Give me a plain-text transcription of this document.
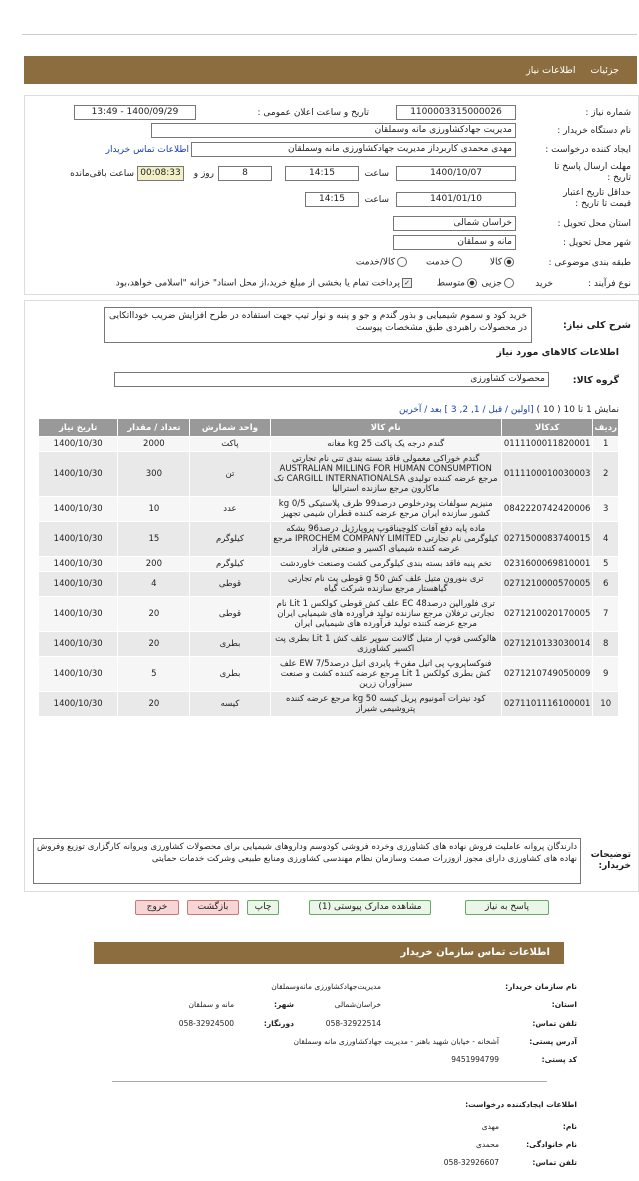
جزئیات اطلاعات نیاز
شماره نیاز :
1100003315000026
تاریخ و ساعت اعلان عمومی :
1400/09/29 - 13:49
نام دستگاه خریدار :
مدیریت جهادکشاورزی مانه وسملقان
ایجاد کننده درخواست :
مهدی محمدی کاربرداز مدیریت جهادکشاورزی مانه وسملقان
اطلاعات تماس خریدار
مهلت ارسال پاسخ تا تاریخ :
1400/10/07
ساعت
14:15
8
روز و
00:08:33
ساعت باقی‌مانده
حداقل تاریخ اعتبار قیمت تا تاریخ :
1401/01/10
ساعت
14:15
استان محل تحویل :
خراسان شمالی
شهر محل تحویل :
مانه و سملقان
طبقه بندی موضوعی :
کالا
خدمت
کالا/خدمت
نوع فرآیند :
خرید
جزیی
متوسط
✓پرداخت تمام یا بخشی از مبلغ خرید،از محل اسناد" خزانه "اسلامی خواهد،بود
شرح کلی نیاز:
خرید کود و سموم شیمیایی و بذور گندم و جو و پنبه و نوار تیپ جهت استفاده در طرح افزایش ضریب خودااتکایی در محصولات راهبردی طبق مشخصات پیوست
اطلاعات کالاهای مورد نیاز
گروه کالا:
محصولات کشاورزی
نمایش 1 تا 10 ( 10 ) [اولین / قبل / 1, 2, 3 ] بعد / آخرین
ردیف	کدکالا	نام کالا	واحد شمارش	تعداد / مقدار	تاریخ نیاز
1	0111100011820001	گندم درجه یک پاکت kg 25 مغانه	پاکت	2000	1400/10/30
2	0111100010030003	گندم خوراکی معمولی فاقد بسته بندی تنی نام تجارتی AUSTRALIAN MILLING FOR HUMAN CONSUMPTION مرجع عرضه کننده تولیدی CARGILL INTERNATIONALSA تک ماکارون مرجع سازنده استرالیا	تن	300	1400/10/30
3	0842220742420006	منیزیم سولفات پودرخلوص درصد99 ظرف پلاستیکی kg 0/5 کشور سازنده ایران مرجع عرضه کننده قطران شیمی تجهیز	عدد	10	1400/10/30
4	0271500083740015	ماده پایه دفع آفات کلوچیناقوپ پروپارژیل درصد96 بشکه کیلوگرمی نام تجارتی IPROCHEM COMPANY LIMITED مرجع عرضه کننده شیمیای اکسیر و صنعتی فاراد	کیلوگرم	15	1400/10/30
5	0231600069810001	تخم پنبه فاقد بسته بندی کیلوگرمی کشت وصنعت خاوردشت	کیلوگرم	200	1400/10/30
6	0271210000570005	تری بنورون متیل علف کش 50 g قوطی پت نام تجارتی گیاهستار مرجع سازنده شرکت گیاه	قوطی	4	1400/10/30
7	0271210020170005	تری فلورالین درصد48 EC علف کش قوطی کولکس Lit 1 نام تجارتی ترفلان مرجع سازنده تولید فرآورده های شیمیایی ایران مرجع عرضه کننده تولید فرآورده های شیمیایی ایران	قوطی	20	1400/10/30
8	0271210133030014	هالوکسی فوپ ار متیل گالانت سوپر علف کش Lit 1 بطری پت اکسیر کشاورزی	بطری	20	1400/10/30
9	0271210749050009	فنوکساپروپ پی اتیل مفن+ پایردی اتیل درصدEW 7/5 علف کش بطری کولکس Lit 1 مرجع عرضه کننده کشت و صنعت سبزآوران زرین	بطری	5	1400/10/30
10	0271101116100001	کود نیترات آمونیوم پریل کیسه 50 kg مرجع عرضه کننده پتروشیمی شیراز	کیسه	20	1400/10/30
توضیحات خریدار:
دارندگان پروانه عاملیت فروش نهاده های کشاورزی وخرده فروشی کودوسم ودارو‌های شیمیایی برای محصولات کشاورزی ویروانه کارگزاری توزیع وفروش نهاده های کشاورزی دارای مجوز ازوزرات صمت وسازمان نظام مهندسی کشاورزی ومنابع طبیعی وشرکت خدمات حمایتی
پاسخ به نیاز
مشاهده مدارک پیوستی (1)
چاپ
بازگشت
خروج
اطلاعات تماس سازمان خریدار
نام سازمان خریدار:
مدیریت‌جهادکشاورزی مانه‌وسملقان
استان:
خراسان‌شمالی
شهر:
مانه و سملقان
تلفن تماس:
058-32922514
دورنگار:
058-32924500
آدرس پستی:
آشخانه - خیابان شهید باهنر - مدیریت جهادکشاورزی مانه وسملقان
کد پستی:
9451994799
اطلاعات ایجادکننده درخواست:
نام:
مهدی
نام خانوادگی:
محمدی
تلفن تماس:
058-32926607
